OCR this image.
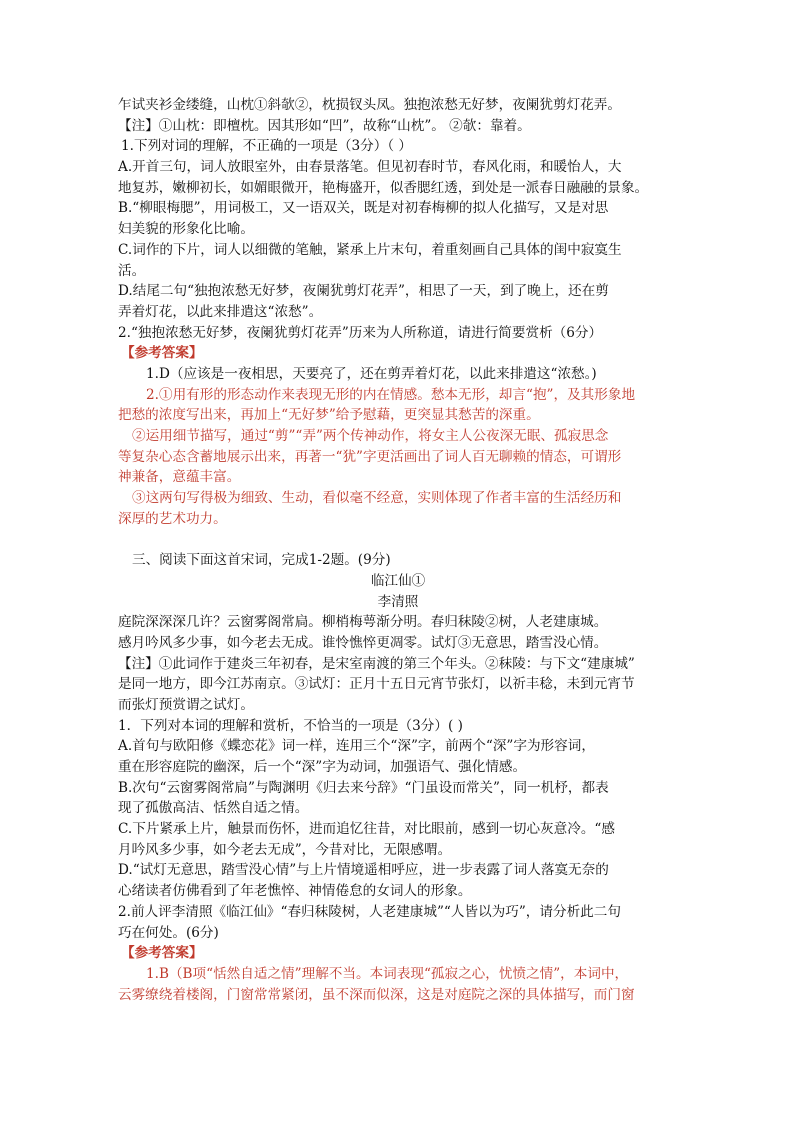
乍试夹衫金缕缝，山枕①斜欹②，枕损钗头凤。独抱浓愁无好梦，夜阑犹剪灯花弄。
【注】①山枕：即檀枕。因其形如“凹”，故称“山枕”。 ②欹：靠着。
1.下列对词的理解，不正确的一项是（3分）（ ）
A.开首三句，词人放眼室外，由春景落笔。但见初春时节，春风化雨，和暖怡人，大
地复苏，嫩柳初长，如媚眼微开，艳梅盛开，似香腮红透，到处是一派春日融融的景象。
B.“柳眼梅腮”，用词极工，又一语双关，既是对初春梅柳的拟人化描写，又是对思
妇美貌的形象化比喻。
C.词作的下片，词人以细微的笔触，紧承上片末句，着重刻画自己具体的闺中寂寞生
活。
D.结尾二句“独抱浓愁无好梦，夜阑犹剪灯花弄”，相思了一天，到了晚上，还在剪
弄着灯花，以此来排遣这“浓愁”。
2.“独抱浓愁无好梦，夜阑犹剪灯花弄”历来为人所称道，请进行简要赏析（6分）
【参考答案】
1.D（应该是一夜相思，天要亮了，还在剪弄着灯花，以此来排遣这“浓愁。)
2.①用有形的形态动作来表现无形的内在情感。愁本无形，却言“抱”，及其形象地
把愁的浓度写出来，再加上“无好梦”给予慰藉，更突显其愁苦的深重。
②运用细节描写，通过“剪”“弄”两个传神动作，将女主人公夜深无眠、孤寂思念
等复杂心态含蓄地展示出来，再著一“犹”字更活画出了词人百无聊赖的情态，可谓形
神兼备，意蕴丰富。
③这两句写得极为细致、生动，看似毫不经意，实则体现了作者丰富的生活经历和
深厚的艺术功力。
三、阅读下面这首宋词，完成1-2题。(9分)
临江仙①
李清照
庭院深深深几许？云窗雾阁常扃。柳梢梅萼渐分明。春归秣陵②树，人老建康城。
感月吟风多少事，如今老去无成。谁怜憔悴更凋零。试灯③无意思，踏雪没心情。
【注】①此词作于建炎三年初春，是宋室南渡的第三个年头。②秣陵：与下文“建康城”
是同一地方，即今江苏南京。③试灯：正月十五日元宵节张灯，以祈丰稔，未到元宵节
而张灯预赏谓之试灯。
1．下列对本词的理解和赏析，不恰当的一项是（3分）( )
A.首句与欧阳修《蝶恋花》词一样，连用三个“深”字，前两个“深”字为形容词，
重在形容庭院的幽深，后一个“深”字为动词，加强语气、强化情感。
B.次句“云窗雾阁常扃”与陶渊明《归去来兮辞》“门虽设而常关”，同一机杼，都表
现了孤傲高洁、恬然自适之情。
C.下片紧承上片，触景而伤怀，进而追忆往昔，对比眼前，感到一切心灰意冷。“感
月吟风多少事，如今老去无成”，今昔对比，无限感喟。
D.“试灯无意思，踏雪没心情”与上片情境遥相呼应，进一步表露了词人落寞无奈的
心绪读者仿佛看到了年老憔悴、神情倦怠的女词人的形象。
2.前人评李清照《临江仙》“春归秣陵树，人老建康城”“人皆以为巧”，请分析此二句
巧在何处。(6分)
【参考答案】
1.B（B项“恬然自适之情”理解不当。本词表现“孤寂之心，忧愤之情”，本词中，
云雾缭绕着楼阁，门窗常常紧闭，虽不深而似深，这是对庭院之深的具体描写，而门窗
